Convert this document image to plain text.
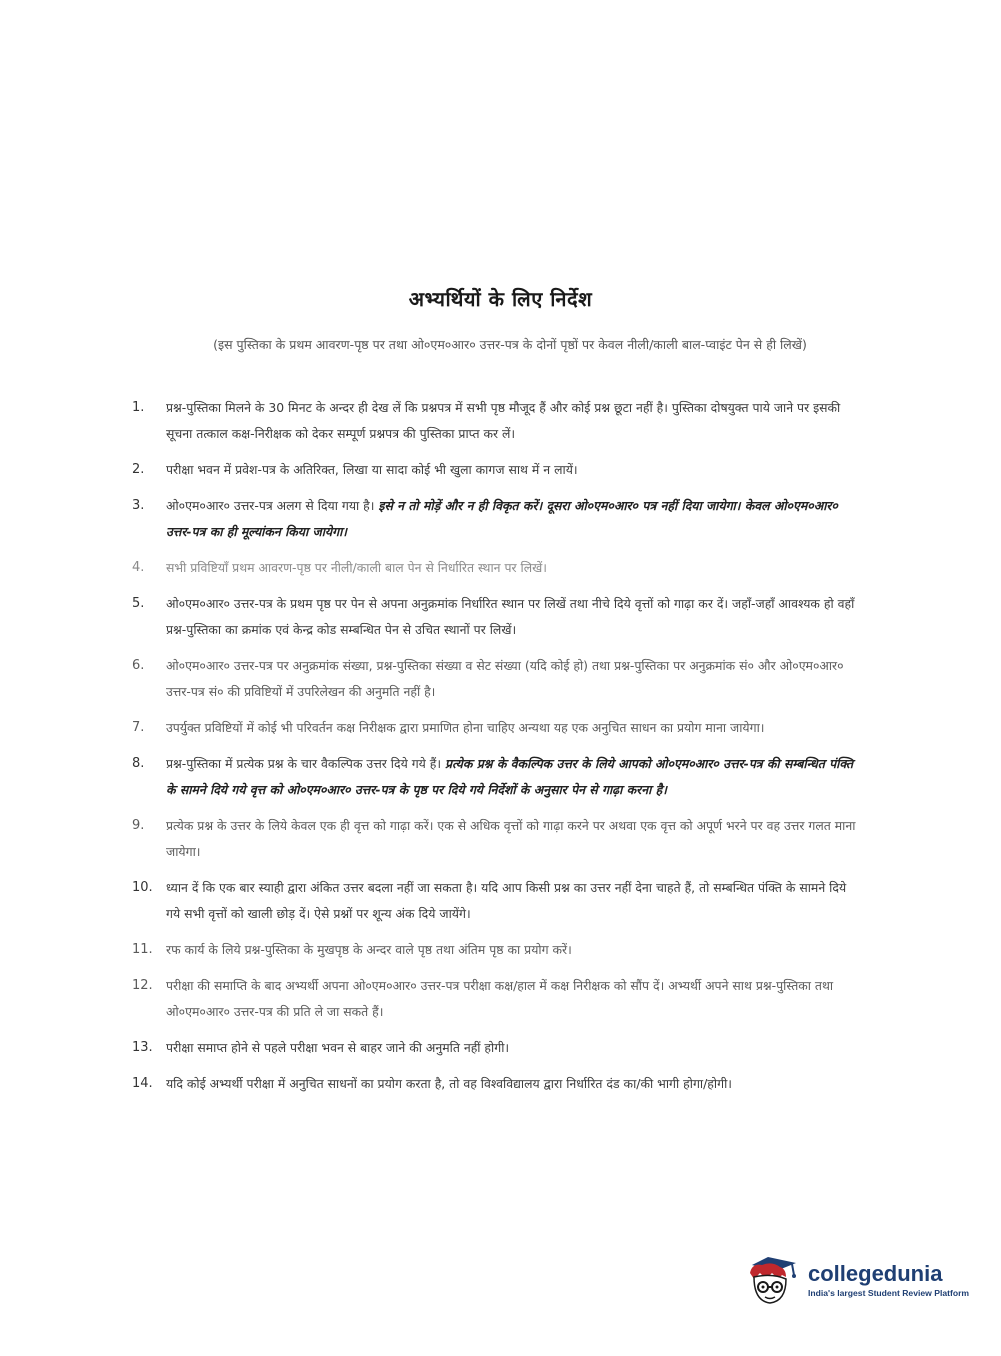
अभ्यर्थियों के लिए निर्देश
(इस पुस्तिका के प्रथम आवरण-पृष्ठ पर तथा ओ०एम०आर० उत्तर-पत्र के दोनों पृष्ठों पर केवल नीली/काली बाल-प्वाइंट पेन से ही लिखें)
1.	प्रश्न-पुस्तिका मिलने के 30 मिनट के अन्दर ही देख लें कि प्रश्नपत्र में सभी पृष्ठ मौजूद हैं और कोई प्रश्न छूटा नहीं है। पुस्तिका दोषयुक्त पाये जाने पर इसकी सूचना तत्काल कक्ष-निरीक्षक को देकर सम्पूर्ण प्रश्नपत्र की पुस्तिका प्राप्त कर लें।
2.	परीक्षा भवन में प्रवेश-पत्र के अतिरिक्त, लिखा या सादा कोई भी खुला कागज साथ में न लायें।
3.	ओ०एम०आर० उत्तर-पत्र अलग से दिया गया है। इसे न तो मोड़ें और न ही विकृत करें। दूसरा ओ०एम०आर० पत्र नहीं दिया जायेगा। केवल ओ०एम०आर० उत्तर-पत्र का ही मूल्यांकन किया जायेगा।
4.	सभी प्रविष्टियाँ प्रथम आवरण-पृष्ठ पर नीली/काली बाल पेन से निर्धारित स्थान पर लिखें।
5.	ओ०एम०आर० उत्तर-पत्र के प्रथम पृष्ठ पर पेन से अपना अनुक्रमांक निर्धारित स्थान पर लिखें तथा नीचे दिये वृत्तों को गाढ़ा कर दें। जहाँ-जहाँ आवश्यक हो वहाँ प्रश्न-पुस्तिका का क्रमांक एवं केन्द्र कोड सम्बन्धित पेन से उचित स्थानों पर लिखें।
6.	ओ०एम०आर० उत्तर-पत्र पर अनुक्रमांक संख्या, प्रश्न-पुस्तिका संख्या व सेट संख्या (यदि कोई हो) तथा प्रश्न-पुस्तिका पर अनुक्रमांक सं० और ओ०एम०आर० उत्तर-पत्र सं० की प्रविष्टियों में उपरिलेखन की अनुमति नहीं है।
7.	उपर्युक्त प्रविष्टियों में कोई भी परिवर्तन कक्ष निरीक्षक द्वारा प्रमाणित होना चाहिए अन्यथा यह एक अनुचित साधन का प्रयोग माना जायेगा।
8.	प्रश्न-पुस्तिका में प्रत्येक प्रश्न के चार वैकल्पिक उत्तर दिये गये हैं। प्रत्येक प्रश्न के वैकल्पिक उत्तर के लिये आपको ओ०एम०आर० उत्तर-पत्र की सम्बन्धित पंक्ति के सामने दिये गये वृत्त को ओ०एम०आर० उत्तर-पत्र के पृष्ठ पर दिये गये निर्देशों के अनुसार पेन से गाढ़ा करना है।
9.	प्रत्येक प्रश्न के उत्तर के लिये केवल एक ही वृत्त को गाढ़ा करें। एक से अधिक वृत्तों को गाढ़ा करने पर अथवा एक वृत्त को अपूर्ण भरने पर वह उत्तर गलत माना जायेगा।
10.	ध्यान दें कि एक बार स्याही द्वारा अंकित उत्तर बदला नहीं जा सकता है। यदि आप किसी प्रश्न का उत्तर नहीं देना चाहते हैं, तो सम्बन्धित पंक्ति के सामने दिये गये सभी वृत्तों को खाली छोड़ दें। ऐसे प्रश्नों पर शून्य अंक दिये जायेंगे।
11.	रफ कार्य के लिये प्रश्न-पुस्तिका के मुखपृष्ठ के अन्दर वाले पृष्ठ तथा अंतिम पृष्ठ का प्रयोग करें।
12.	परीक्षा की समाप्ति के बाद अभ्यर्थी अपना ओ०एम०आर० उत्तर-पत्र परीक्षा कक्ष/हाल में कक्ष निरीक्षक को सौंप दें। अभ्यर्थी अपने साथ प्रश्न-पुस्तिका तथा ओ०एम०आर० उत्तर-पत्र की प्रति ले जा सकते हैं।
13.	परीक्षा समाप्त होने से पहले परीक्षा भवन से बाहर जाने की अनुमति नहीं होगी।
14.	यदि कोई अभ्यर्थी परीक्षा में अनुचित साधनों का प्रयोग करता है, तो वह विश्वविद्यालय द्वारा निर्धारित दंड का/की भागी होगा/होगी।
collegedunia
India's largest Student Review Platform
